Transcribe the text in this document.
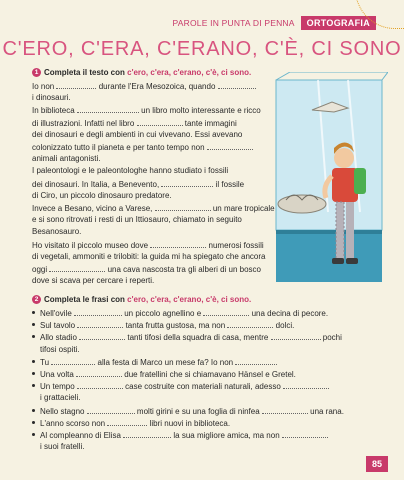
PAROLE IN PUNTA DI PENNA	ORTOGRAFIA
C'ERO, C'ERA, C'ERANO, C'È, CI SONO
1 Completa il testo con c'ero, c'era, c'erano, c'è, ci sono.
Io non	durante l'Era Mesozoica, quando
i dinosauri.
In biblioteca	un libro molto interessante e ricco
di illustrazioni. Infatti nel libro	tante immagini
dei dinosauri e degli ambienti in cui vivevano. Essi avevano
colonizzato tutto il pianeta e per tanto tempo non
animali antagonisti.
I paleontologi e le paleontologhe hanno studiato i fossili
dei dinosauri. In Italia, a Benevento,	il fossile
di Ciro, un piccolo dinosauro predatore.
Invece a Besano, vicino a Varese,	un mare tropicale
e si sono ritrovati i resti di un Ittiosauro, chiamato in seguito
Besanosauro.
Ho visitato il piccolo museo dove	numerosi fossili
di vegetali, ammoniti e trilobiti: la guida mi ha spiegato che ancora
oggi	una cava nascosta tra gli alberi di un bosco
dove si scava per cercare i reperti.
2 Completa le frasi con c'ero, c'era, c'erano, c'è, ci sono.
Nell'ovile	un piccolo agnellino e	una decina di pecore.
Sul tavolo	tanta frutta gustosa, ma non	dolci.
Allo stadio	tanti tifosi della squadra di casa, mentre	pochi
tifosi ospiti.
Tu	alla festa di Marco un mese fa? Io non	.
Una volta	due fratellini che si chiamavano Hänsel e Gretel.
Un tempo	case costruite con materiali naturali, adesso
i grattacieli.
Nello stagno	molti girini e su una foglia di ninfea	una rana.
L'anno scorso non	libri nuovi in biblioteca.
Al compleanno di Elisa	la sua migliore amica, ma non
i suoi fratelli.
85
